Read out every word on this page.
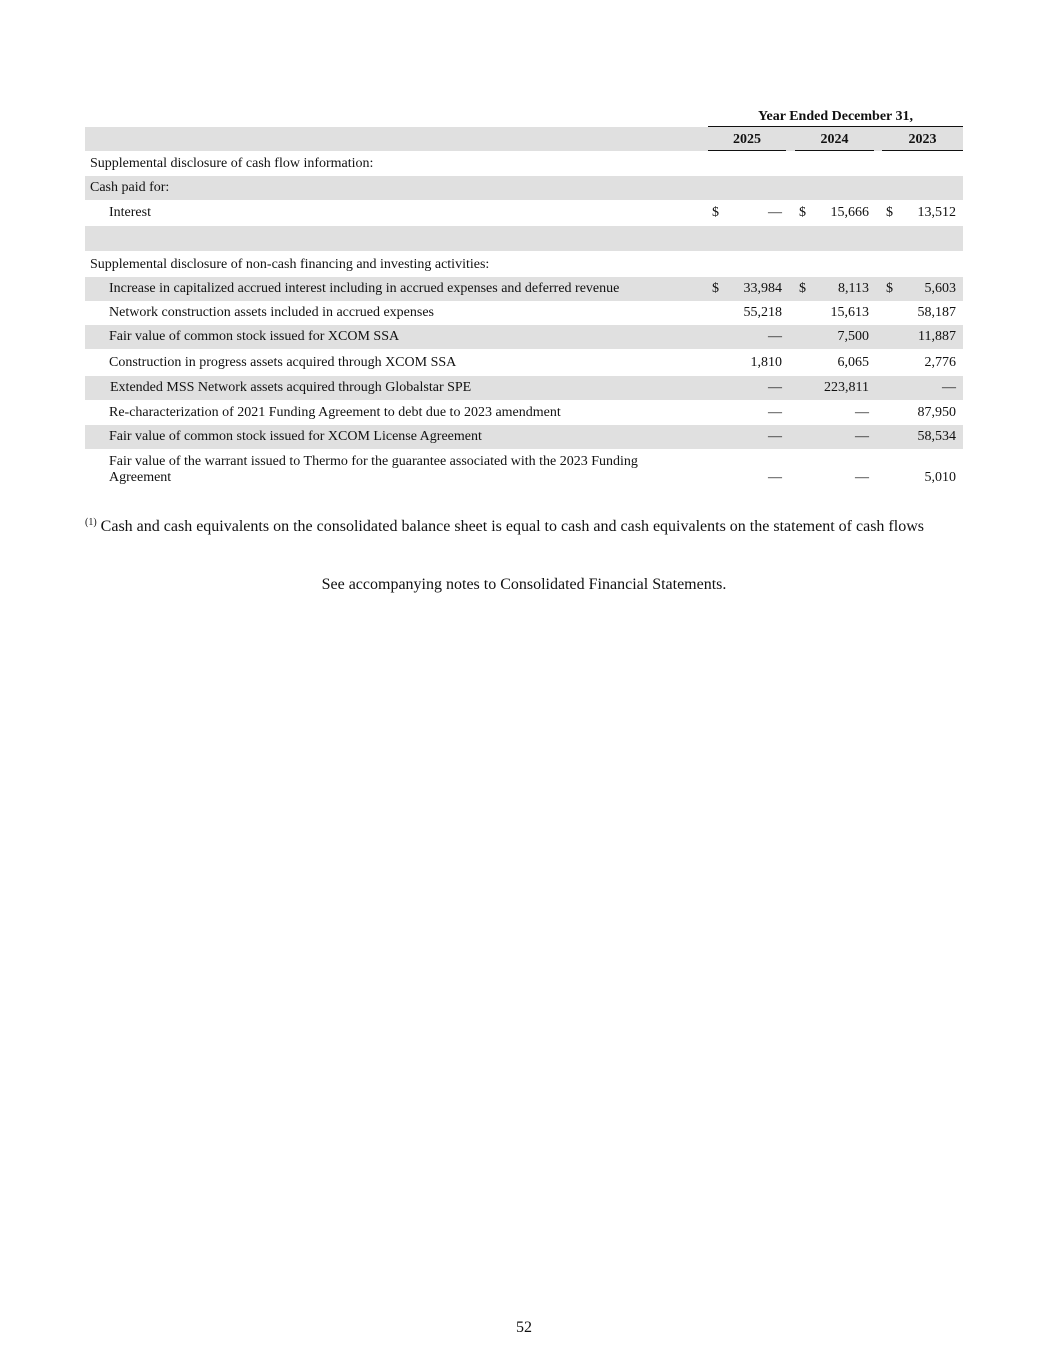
Year Ended December 31,
2025	2024	2023
Supplemental disclosure of cash flow information:
Cash paid for:
Interest	$	— $ 15,666 $ 13,512
Supplemental disclosure of non-cash financing and investing activities:
Increase in capitalized accrued interest including in accrued expenses and deferred revenue	$ 33,984 $ 8,113 $ 5,603
Network construction assets included in accrued expenses	55,218	15,613	58,187
Fair value of common stock issued for XCOM SSA	—	7,500	11,887
Construction in progress assets acquired through XCOM SSA	1,810	6,065	2,776
Extended MSS Network assets acquired through Globalstar SPE	—	223,811	—
Re-characterization of 2021 Funding Agreement to debt due to 2023 amendment	—	—	87,950
Fair value of common stock issued for XCOM License Agreement	—	—	58,534
Fair value of the warrant issued to Thermo for the guarantee associated with the 2023 Funding
Agreement	—	—	5,010
$^{(1)}$ Cash and cash equivalents on the consolidated balance sheet is equal to cash and cash equivalents on the statement of cash flows
See accompanying notes to Consolidated Financial Statements.
52
